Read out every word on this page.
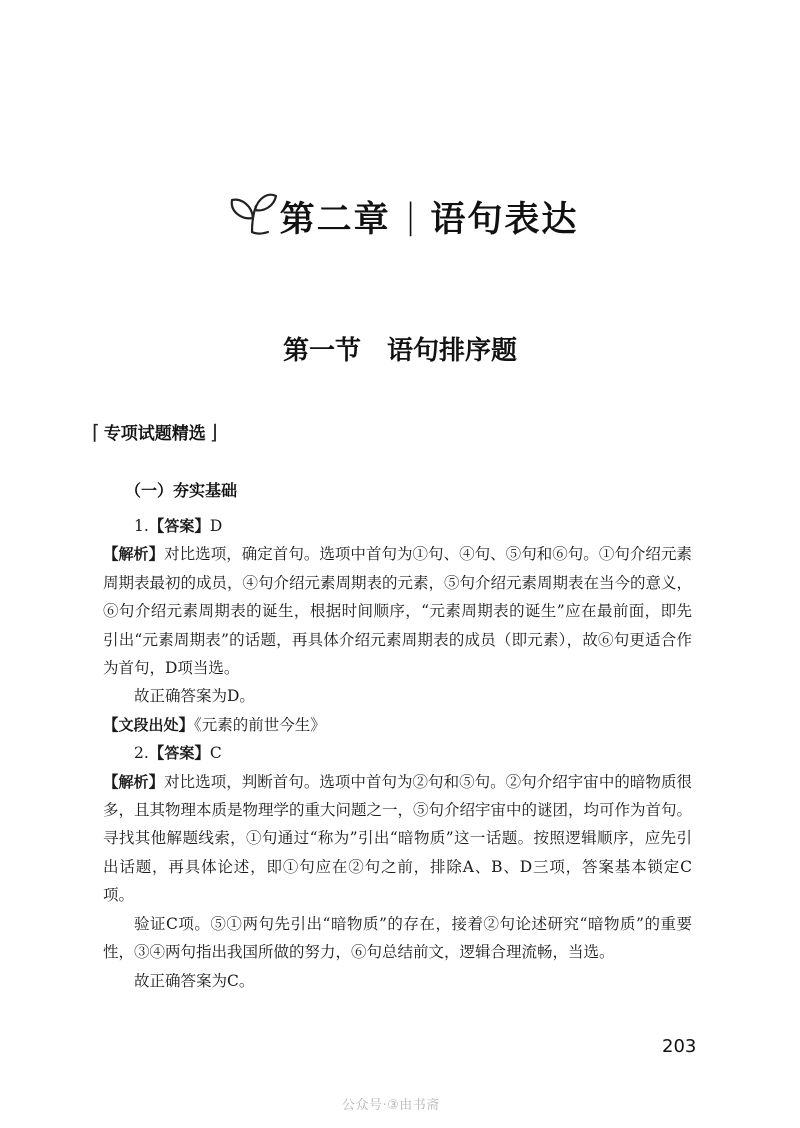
第二章 | 语句表达
第一节 语句排序题
⌈ 专项试题精选 ⌋
（一）夯实基础

1.【答案】D

【解析】对比选项，确定首句。选项中首句为①句、④句、⑤句和⑥句。①句介绍元素周期表最初的成员，④句介绍元素周期表的元素，⑤句介绍元素周期表在当今的意义，⑥句介绍元素周期表的诞生，根据时间顺序，“元素周期表的诞生”应在最前面，即先引出“元素周期表”的话题，再具体介绍元素周期表的成员（即元素），故⑥句更适合作为首句，D项当选。

故正确答案为D。

【文段出处】《元素的前世今生》

2.【答案】C

【解析】对比选项，判断首句。选项中首句为②句和⑤句。②句介绍宇宙中的暗物质很多，且其物理本质是物理学的重大问题之一，⑤句介绍宇宙中的谜团，均可作为首句。寻找其他解题线索，①句通过“称为”引出“暗物质”这一话题。按照逻辑顺序，应先引出话题，再具体论述，即①句应在②句之前，排除A、B、D三项，答案基本锁定C项。

验证C项。⑤①两句先引出“暗物质”的存在，接着②句论述研究“暗物质”的重要性，③④两句指出我国所做的努力，⑥句总结前文，逻辑合理流畅，当选。

故正确答案为C。

203
公众号·③由书斋
